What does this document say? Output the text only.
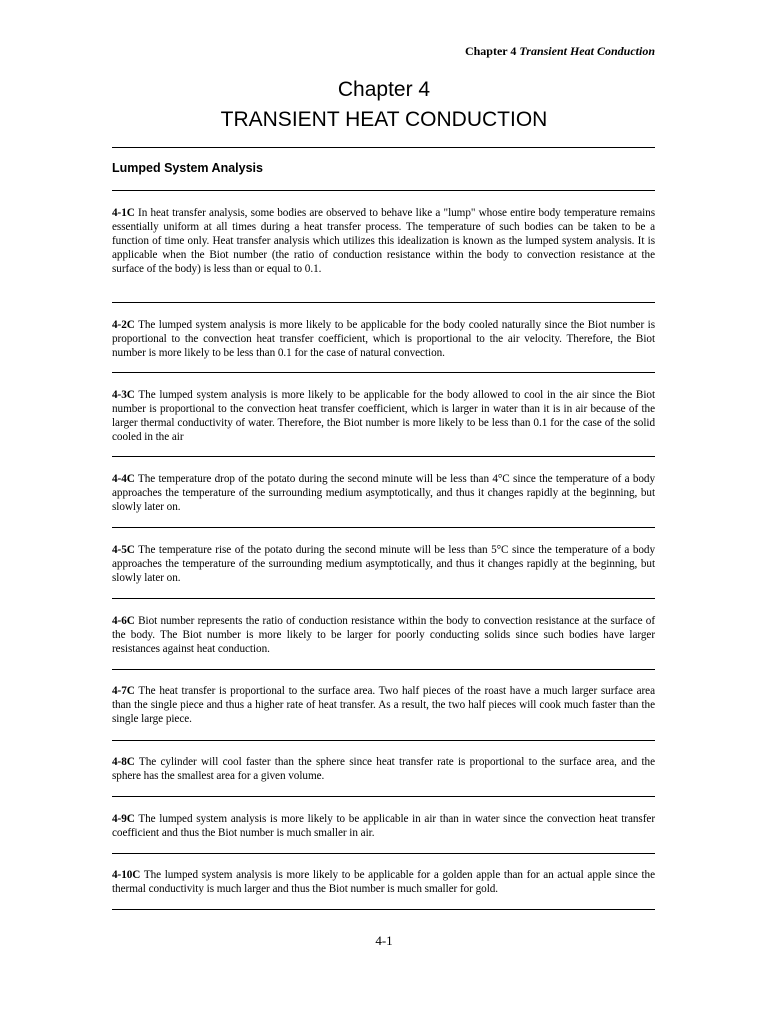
Chapter 4 Transient Heat Conduction
Chapter 4
TRANSIENT HEAT CONDUCTION
Lumped System Analysis
4-1C In heat transfer analysis, some bodies are observed to behave like a "lump" whose entire body temperature remains essentially uniform at all times during a heat transfer process. The temperature of such bodies can be taken to be a function of time only. Heat transfer analysis which utilizes this idealization is known as the lumped system analysis. It is applicable when the Biot number (the ratio of conduction resistance within the body to convection resistance at the surface of the body) is less than or equal to 0.1.
4-2C The lumped system analysis is more likely to be applicable for the body cooled naturally since the Biot number is proportional to the convection heat transfer coefficient, which is proportional to the air velocity. Therefore, the Biot number is more likely to be less than 0.1 for the case of natural convection.
4-3C The lumped system analysis is more likely to be applicable for the body allowed to cool in the air since the Biot number is proportional to the convection heat transfer coefficient, which is larger in water than it is in air because of the larger thermal conductivity of water. Therefore, the Biot number is more likely to be less than 0.1 for the case of the solid cooled in the air
4-4C The temperature drop of the potato during the second minute will be less than 4°C since the temperature of a body approaches the temperature of the surrounding medium asymptotically, and thus it changes rapidly at the beginning, but slowly later on.
4-5C The temperature rise of the potato during the second minute will be less than 5°C since the temperature of a body approaches the temperature of the surrounding medium asymptotically, and thus it changes rapidly at the beginning, but slowly later on.
4-6C Biot number represents the ratio of conduction resistance within the body to convection resistance at the surface of the body. The Biot number is more likely to be larger for poorly conducting solids since such bodies have larger resistances against heat conduction.
4-7C The heat transfer is proportional to the surface area. Two half pieces of the roast have a much larger surface area than the single piece and thus a higher rate of heat transfer. As a result, the two half pieces will cook much faster than the single large piece.
4-8C The cylinder will cool faster than the sphere since heat transfer rate is proportional to the surface area, and the sphere has the smallest area for a given volume.
4-9C The lumped system analysis is more likely to be applicable in air than in water since the convection heat transfer coefficient and thus the Biot number is much smaller in air.
4-10C The lumped system analysis is more likely to be applicable for a golden apple than for an actual apple since the thermal conductivity is much larger and thus the Biot number is much smaller for gold.
4-1
